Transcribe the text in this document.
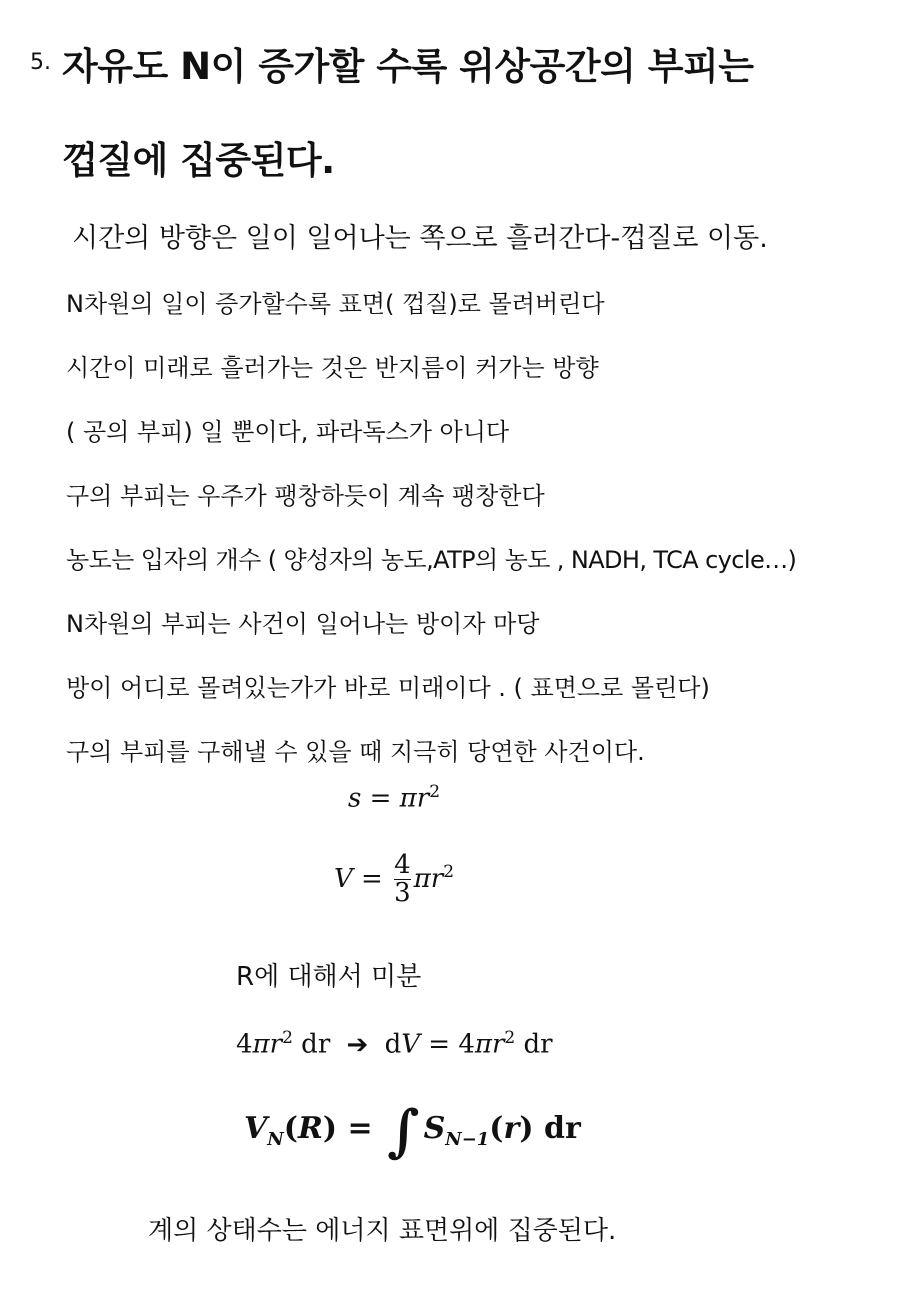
5. 자유도 N이 증가할 수록 위상공간의 부피는
껍질에 집중된다.
시간의 방향은 일이 일어나는 쪽으로 흘러간다-껍질로 이동.
N차원의 일이 증가할수록 표면( 껍질)로 몰려버린다
시간이 미래로 흘러가는 것은 반지름이 커가는 방향
( 공의 부피) 일 뿐이다, 파라독스가 아니다
구의 부피는 우주가 팽창하듯이 계속 팽창한다
농도는 입자의 개수 ( 양성자의 농도,ATP의 농도 , NADH, TCA cycle…)
N차원의 부피는 사건이 일어나는 방이자 마당
방이 어디로 몰려있는가가 바로 미래이다 . ( 표면으로 몰린다)
구의 부피를 구해낼 수 있을 때 지극히 당연한 사건이다.
$s = \pi r^2$
$V = \frac{4}{3} \pi r^2$
R에 대해서 미분
$4\pi r^2$ dr ➔ dV = $4\pi r^2$ dr
$V_N(R)$ = ∫ $S_{N-1}(r)$ dr
계의 상태수는 에너지 표면위에 집중된다.
